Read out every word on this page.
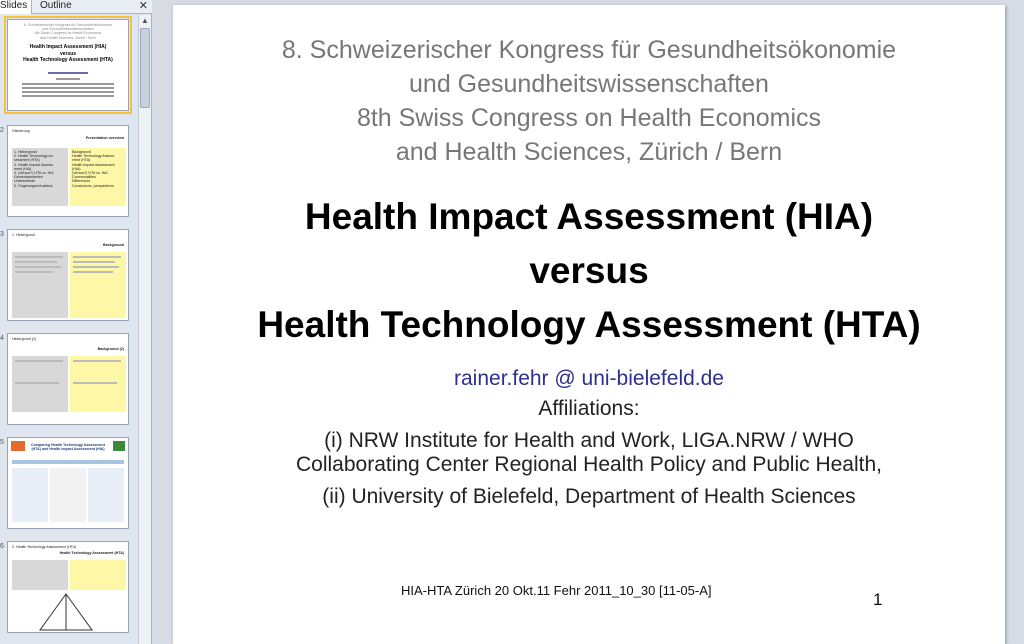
Slides	Outline	✕
8. Schweizerischer Kongress für Gesundheitsökonomie
und Gesundheitswissenschaften
8th Swiss Congress on Health Economics
and Health Sciences, Zürich / Bern
Health Impact Assessment (HIA)
versus
Health Technology Assessment (HTA)
2 Gliederung
Presentation overview
1. Hintergrund
2. Health Technology As-
sessment (HTA)
3. Health Impact Assess-
ment (HIA)
4. (Versus?) HTA vs. HIA
Gemeinsamkeiten
Unterschiede
5. Folgerungen/Ausblick
Background
Health Technology Assess-
ment (HTA)
Health Impact Assessment
(HIA)
(Versus?) HTA vs. HIA
Commonalities
Differences
Conclusions, perspectives
3 1. Hintergrund
Background
4 Hintergrund (2)
Background (2)
5	Comparing Health Technology Assessment (HTA) and Health Impact Assessment (HIA)
6 2. Health Technology Assessment (HTA)
Health Technology Assessment (HTA)
▲
8. Schweizerischer Kongress für Gesundheitsökonomie
und Gesundheitswissenschaften
8th Swiss Congress on Health Economics
and Health Sciences, Zürich / Bern
Health Impact Assessment (HIA)
versus
Health Technology Assessment (HTA)
rainer.fehr @ uni-bielefeld.de
Affiliations:
(i) NRW Institute for Health and Work, LIGA.NRW / WHO
Collaborating Center Regional Health Policy and Public Health,
(ii) University of Bielefeld, Department of Health Sciences
HIA-HTA Zürich 20 Okt.11 Fehr 2011_10_30 [11-05-A]	1
